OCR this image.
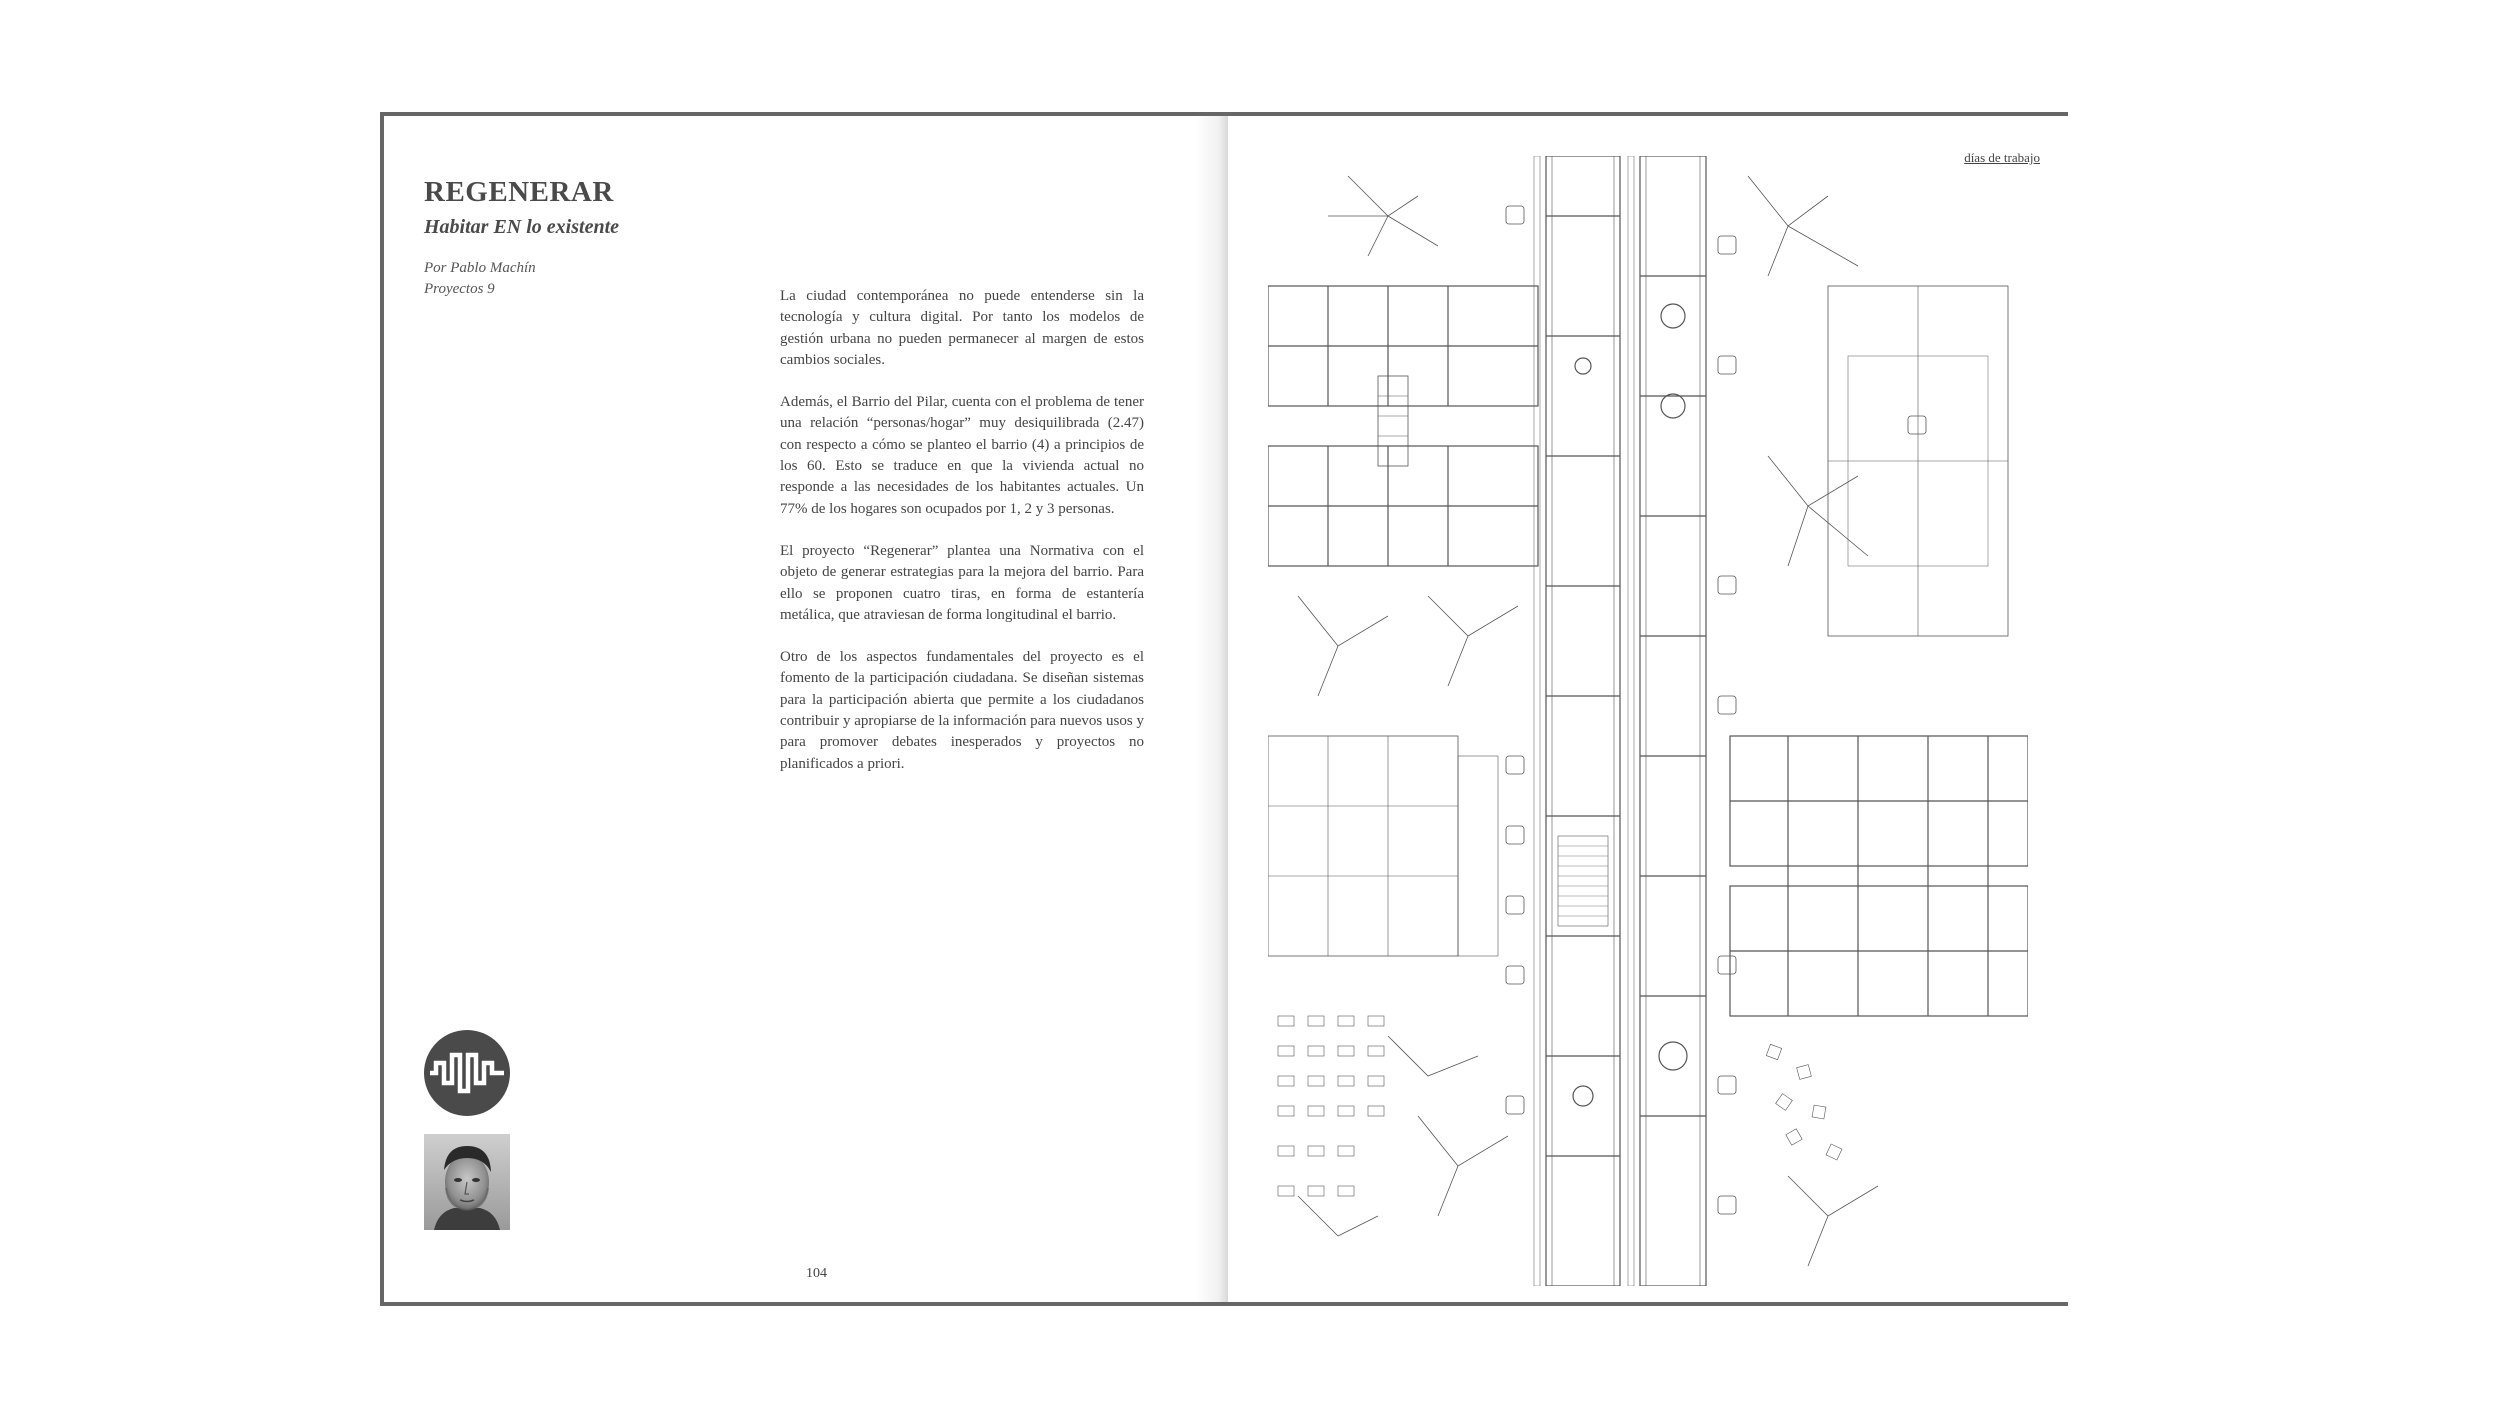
REGENERAR
Habitar EN lo existente
Por Pablo Machín
Proyectos 9	La ciudad contemporánea no puede entenderse sin la tecnología y cultura digital. Por tanto los modelos de gestión urbana no pueden permanecer al margen de estos cambios sociales.

Además, el Barrio del Pilar, cuenta con el problema de tener una relación “personas/hogar” muy desiquilibrada (2.47) con respecto a cómo se planteo el barrio (4) a principios de los 60. Esto se traduce en que la vivienda actual no responde a las necesidades de los habitantes actuales. Un 77% de los hogares son ocupados por 1, 2 y 3 personas.

El proyecto “Regenerar” plantea una Normativa con el objeto de generar estrategias para la mejora del barrio. Para ello se proponen cuatro tiras, en forma de estantería metálica, que atraviesan de forma longitudinal el barrio.

Otro de los aspectos fundamentales del proyecto es el fomento de la participación ciudadana. Se diseñan sistemas para la participación abierta que permite a los ciudadanos contribuir y apropiarse de la información para nuevos usos y para promover debates inesperados y proyectos no planificados a priori.

104
días de trabajo
